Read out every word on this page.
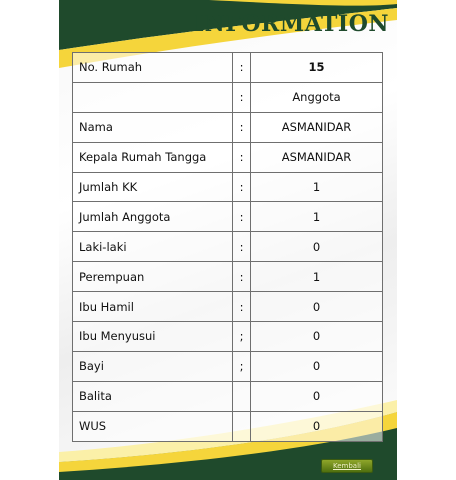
INFORMATION
No. Rumah	:	15
	:	Anggota
Nama	:	ASMANIDAR
Kepala Rumah Tangga	:	ASMANIDAR
Jumlah KK	:	1
Jumlah Anggota	:	1
Laki-laki	:	0
Perempuan	:	1
Ibu Hamil	:	0
Ibu Menyusui	;	0
Bayi	;	0
Balita		0
WUS		0
Kembali
